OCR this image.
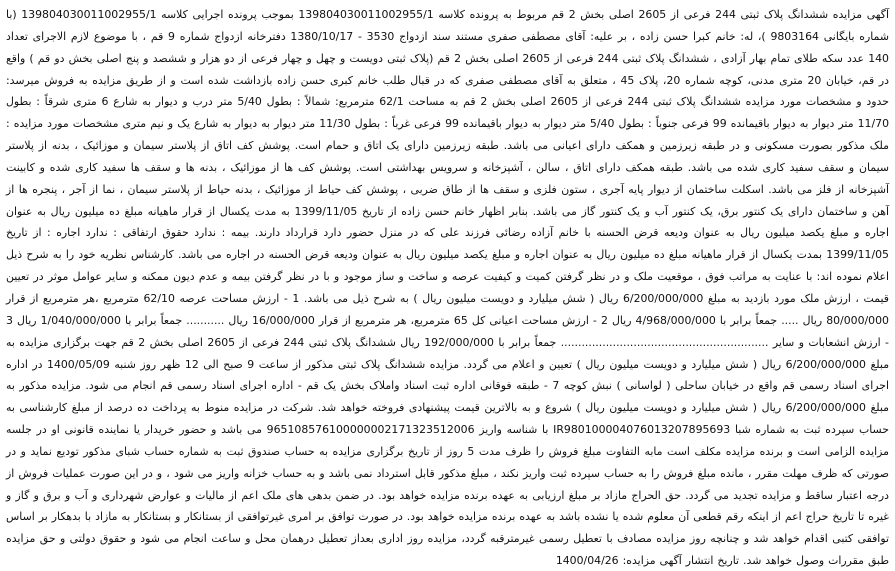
آگهی مزایده ششدانگ پلاک ثبتی 244 فرعی از 2605 اصلی بخش 2 قم مربوط به پرونده کلاسه 139804030011002955/1 بموجب پرونده اجرایی کلاسه 139804030011002955/1 (با شماره بایگانی 9803164 )، له: خانم کبرا حسن زاده ، بر علیه: آقای مصطفی صفری مستند سند ازدواج 3530 - 1380/10/17 دفترخانه ازدواج شماره 9 قم ، با موضوع لازم الاجرای تعداد 140 عدد سکه طلای تمام بهار آزادی ، ششدانگ پلاک ثبتی 244 فرعی از 2605 اصلی بخش 2 قم (پلاک ثبتی دویست و چهل و چهار فرعی از دو هزار و ششصد و پنج اصلی بخش دو قم ) واقع در قم، خیابان 20 متری مدنی، کوچه شماره 20، پلاک 45 ، متعلق به آقای مصطفی صفری که در قبال طلب خانم کبری حسن زاده بازداشت شده است و از طریق مزایده به فروش میرسد: حدود و مشخصات مورد مزایده ششدانگ پلاک ثبتی 244 فرعی از 2605 اصلی بخش 2 قم به مساحت 62/1 مترمربع: شمالاً : بطول 5/40 متر درب و دیوار به شارع 6 متری شرقاً : بطول 11/70 متر دیوار به دیوار باقیمانده 99 فرعی جنوباً : بطول 5/40 متر دیوار به دیوار باقیمانده 99 فرعی غرباً : بطول 11/30 متر دیوار به دیوار به شارع یک و نیم متری مشخصات مورد مزایده : ملک مذکور بصورت مسکونی و در طبقه زیرزمین و همکف دارای اعیانی می باشد. طبقه زیرزمین دارای یک اتاق و حمام است. پوشش کف اتاق از پلاستر سیمان و موزائیک ، بدنه از پلاستر سیمان و سقف سفید کاری شده می باشد. طبقه همکف دارای اتاق ، سالن ، آشپزخانه و سرویس بهداشتی است. پوشش کف ها از موزائیک ، بدنه ها و سقف ها سفید کاری شده و کابینت آشپزخانه از فلز می باشد. اسکلت ساختمان از دیوار پایه آجری ، ستون فلزی و سقف ها از طاق ضربی ، پوشش کف حیاط از موزائیک ، بدنه حیاط از پلاستر سیمان ، نما از آجر ، پنجره ها از آهن و ساختمان دارای یک کنتور برق، یک کنتور آب و یک کنتور گاز می باشد. بنابر اظهار خانم حسن زاده از تاریخ 1399/11/05 به مدت یکسال از قرار ماهیانه مبلغ ده میلیون ریال به عنوان اجاره و مبلغ یکصد میلیون ریال به عنوان ودیعه قرض الحسنه با خانم آزاده رضائی فرزند علی که در منزل حضور دارد قرارداد دارند. بیمه : ندارد حقوق ارتفاقی : ندارد اجاره : از تاریخ 1399/11/05 بمدت یکسال از قرار ماهیانه مبلغ ده میلیون ریال به عنوان اجاره و مبلغ یکصد میلیون ریال به عنوان ودیعه قرض الحسنه در اجاره می باشد. کارشناس نظریه خود را به شرح ذیل اعلام نموده اند: با عنایت به مراتب فوق ، موقعیت ملک و در نظر گرفتن کمیت و کیفیت عرصه و ساخت و ساز موجود و با در نظر گرفتن بیمه و عدم دیون ممکنه و سایر عوامل موثر در تعیین قیمت ، ارزش ملک مورد بازدید به مبلغ 6/200/000/000 ریال ( شش میلیارد و دویست میلیون ریال ) به شرح ذیل می باشد. 1 - ارزش مساحت عرصه 62/10 مترمربع ،هر مترمربع از قرار 80/000/000 ریال ..... جمعاً برابر با 4/968/000/000 ریال 2 - ارزش مساحت اعیانی کل 65 مترمربع، هر مترمربع از قرار 16/000/000 ریال ........... جمعاً برابر با 1/040/000/000 ریال 3 - ارزش انشعابات و سایر ............................................................ جمعاً برابر با 192/000/000 ریال ششدانگ پلاک ثبتی 244 فرعی از 2605 اصلی بخش 2 قم جهت برگزاری مزایده به مبلغ 6/200/000/000 ریال ( شش میلیارد و دویست میلیون ریال ) تعیین و اعلام می گردد. مزایده ششدانگ پلاک ثبتی مذکور از ساعت 9 صبح الی 12 ظهر روز شنبه 1400/05/09 در اداره اجرای اسناد رسمی قم واقع در خیابان ساحلی ( لواسانی ) نبش کوچه 7 - طبقه فوقانی اداره ثبت اسناد واملاک بخش یک قم - اداره اجرای اسناد رسمی قم انجام می شود. مزایده مذکور به مبلغ 6/200/000/000 ریال ( شش میلیارد و دویست میلیون ریال ) شروع و به بالاترین قیمت پیشنهادی فروخته خواهد شد. شرکت در مزایده منوط به پرداخت ده درصد از مبلغ کارشناسی به حساب سپرده ثبت به شماره شبا IR980100004076013207895693 با شناسه واریز 965108576100000002171323512006 می باشد و حضور خریدار یا نماینده قانونی او در جلسه مزایده الزامی است و برنده مزایده مکلف است مابه التفاوت مبلغ فروش را ظرف مدت 5 روز از تاریخ برگزاری مزایده به حساب صندوق ثبت به شماره حساب شبای مذکور تودیع نماید و در صورتی که ظرف مهلت مقرر ، مانده مبلغ فروش را به حساب سپرده ثبت واریز نکند ، مبلغ مذکور قابل استرداد نمی باشد و به حساب خزانه واریز می شود ، و در این صورت عملیات فروش از درجه اعتبار ساقط و مزایده تجدید می گردد. حق الحراج مازاد بر مبلغ ارزیابی به عهده برنده مزایده خواهد بود. در ضمن بدهی های ملک اعم از مالیات و عوارض شهرداری و آب و برق و گاز و غیره تا تاریخ حراج اعم از اینکه رقم قطعی آن معلوم شده یا نشده باشد به عهده برنده مزایده خواهد بود. در صورت توافق بر امری غیرتوافقی از بستانکار و بستانکار به مازاد با بدهکار بر اساس توافقی کتبی اقدام خواهد شد و چنانچه روز مزایده مصادف با تعطیل رسمی غیرمترقبه گردد، مزایده روز اداری بعداز تعطیل درهمان محل و ساعت انجام می شود و حقوق دولتی و حق مزایده طبق مقررات وصول خواهد شد. تاریخ انتشار آگهی مزایده: 1400/04/26
